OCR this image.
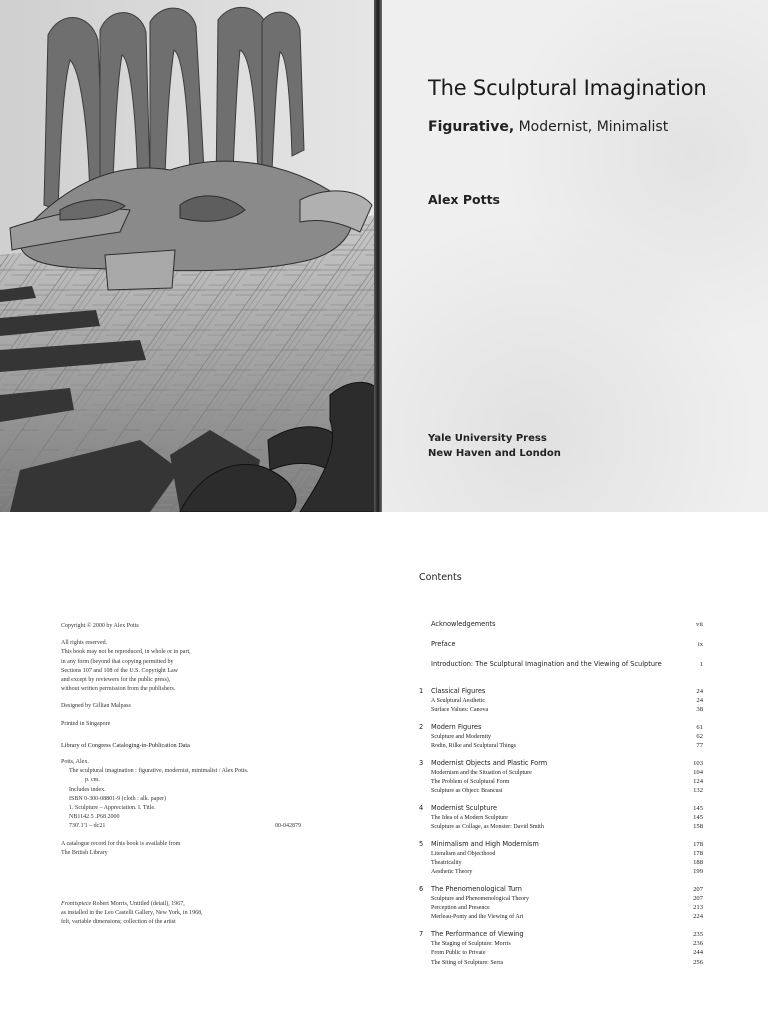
The Sculptural Imagination
Figurative, Modernist, Minimalist
Alex Potts
Yale University Press
New Haven and London
Copyright © 2000 by Alex Potts
All rights reserved.
This book may not be reproduced, in whole or in part,
in any form (beyond that copying permitted by
Sections 107 and 108 of the U.S. Copyright Law
and except by reviewers for the public press),
without written permission from the publishers.
Designed by Gillian Malpass
Printed in Singapore
Library of Congress Cataloging-in-Publication Data
Potts, Alex.
The sculptural imagination : figurative, modernist, minimalist / Alex Potts.
p. cm.
Includes index.
ISBN 0-300-08801-9 (cloth : alk. paper)
1. Sculpture – Appreciation. I. Title.
NB1142.5 .P68 2000
730'.1'1 – dc21	00-042879
A catalogue record for this book is available from
The British Library
Frontispiece Robert Morris, Untitled (detail), 1967,
as installed in the Leo Castelli Gallery, New York, in 1968,
felt, variable dimensions; collection of the artist
Contents
Acknowledgements	vii
Preface	ix
Introduction: The Sculptural Imagination and the Viewing of Sculpture	1
1	Classical Figures	24
A Sculptural Aesthetic	24
Surface Values: Canova	38
2	Modern Figures	61
Sculpture and Modernity	62
Rodin, Rilke and Sculptural Things	77
3	Modernist Objects and Plastic Form	103
Modernism and the Situation of Sculpture	104
The Problem of Sculptural Form	124
Sculpture as Object: Brancusi	132
4	Modernist Sculpture	145
The Idea of a Modern Sculpture	145
Sculpture as Collage, as Monster: David Smith	158
5	Minimalism and High Modernism	178
Literalism and Objecthood	178
Theatricality	188
Aesthetic Theory	199
6	The Phenomenological Turn	207
Sculpture and Phenomenological Theory	207
Perception and Presence	213
Merleau-Ponty and the Viewing of Art	224
7	The Performance of Viewing	235
The Staging of Sculpture: Morris	236
From Public to Private	244
The Siting of Sculpture: Serra	256
